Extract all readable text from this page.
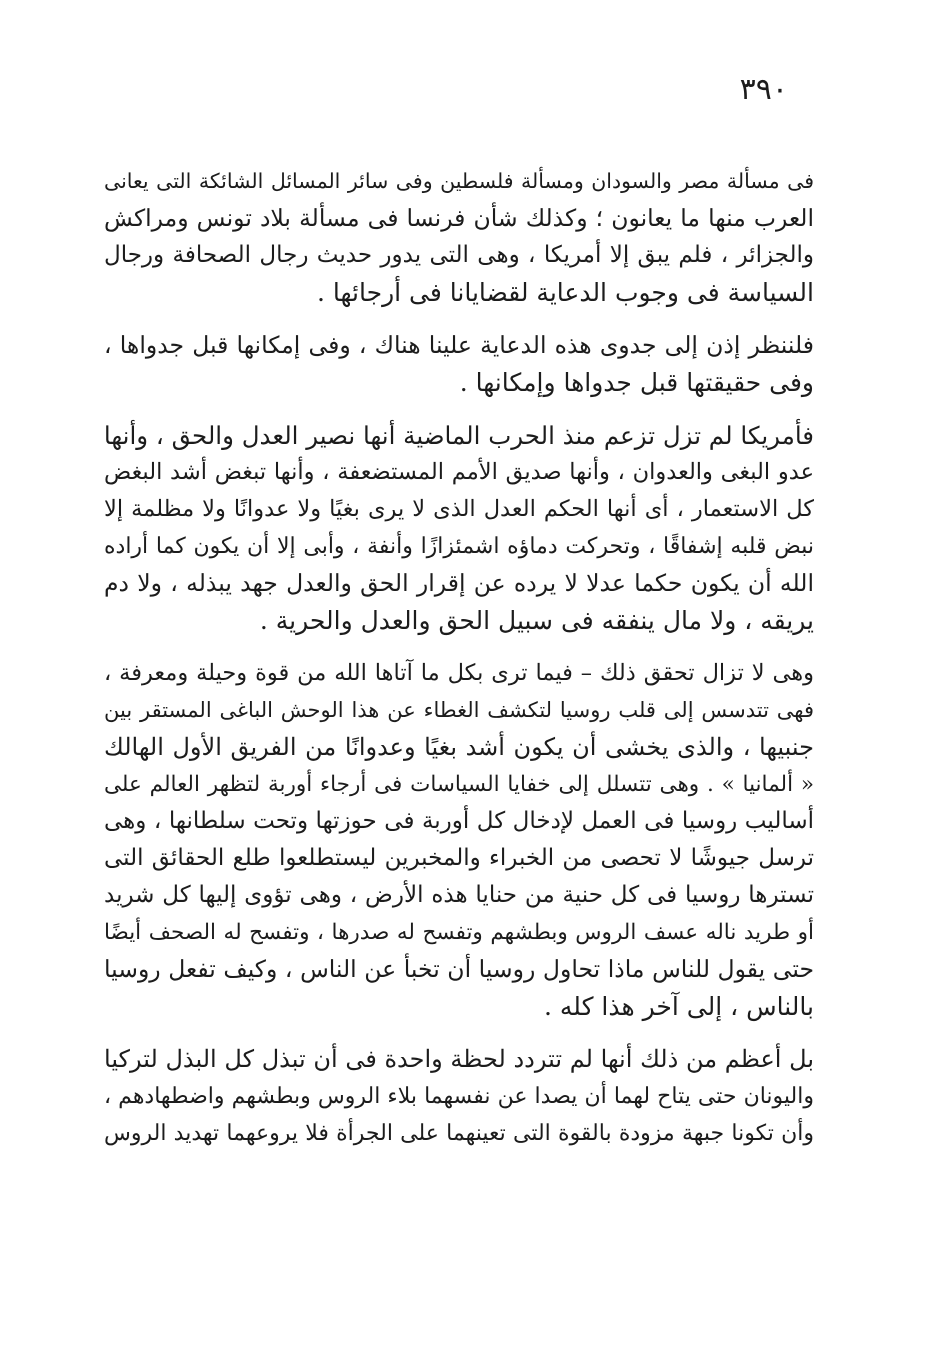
٣٩٠
فى مسألة مصر والسودان ومسألة فلسطين وفى سائر المسائل الشائكة التى يعانى
العرب منها ما يعانون ؛ وكذلك شأن فرنسا فى مسألة بلاد تونس ومراكش
والجزائر ، فلم يبق إلا أمريكا ، وهى التى يدور حديث رجال الصحافة ورجال
السياسة فى وجوب الدعاية لقضايانا فى أرجائها .
فلننظر إذن إلى جدوى هذه الدعاية علينا هناك ، وفى إمكانها قبل جدواها ،
وفى حقيقتها قبل جدواها وإمكانها .
فأمريكا لم تزل تزعم منذ الحرب الماضية أنها نصير العدل والحق ، وأنها
عدو البغى والعدوان ، وأنها صديق الأمم المستضعفة ، وأنها تبغض أشد البغض
كل الاستعمار ، أى أنها الحكم العدل الذى لا يرى بغيًا ولا عدوانًا ولا مظلمة إلا
نبض قلبه إشفاقًا ، وتحركت دماؤه اشمئزازًا وأنفة ، وأبى إلا أن يكون كما أراده
الله أن يكون حكما عدلا لا يرده عن إقرار الحق والعدل جهد يبذله ، ولا دم
يريقه ، ولا مال ينفقه فى سبيل الحق والعدل والحرية .
وهى لا تزال تحقق ذلك – فيما ترى بكل ما آتاها الله من قوة وحيلة ومعرفة ،
فهى تتدسس إلى قلب روسيا لتكشف الغطاء عن هذا الوحش الباغى المستقر بين
جنبيها ، والذى يخشى أن يكون أشد بغيًا وعدوانًا من الفريق الأول الهالك
« ألمانيا » . وهى تتسلل إلى خفايا السياسات فى أرجاء أوربة لتظهر العالم على
أساليب روسيا فى العمل لإدخال كل أوربة فى حوزتها وتحت سلطانها ، وهى
ترسل جيوشًا لا تحصى من الخبراء والمخبرين ليستطلعوا طلع الحقائق التى
تسترها روسيا فى كل حنية من حنايا هذه الأرض ، وهى تؤوى إليها كل شريد
أو طريد ناله عسف الروس وبطشهم وتفسح له صدرها ، وتفسح له الصحف أيضًا
حتى يقول للناس ماذا تحاول روسيا أن تخبأ عن الناس ، وكيف تفعل روسيا
بالناس ، إلى آخر هذا كله .
بل أعظم من ذلك أنها لم تتردد لحظة واحدة فى أن تبذل كل البذل لتركيا
واليونان حتى يتاح لهما أن يصدا عن نفسهما بلاء الروس وبطشهم واضطهادهم ،
وأن تكونا جبهة مزودة بالقوة التى تعينهما على الجرأة فلا يروعهما تهديد الروس
